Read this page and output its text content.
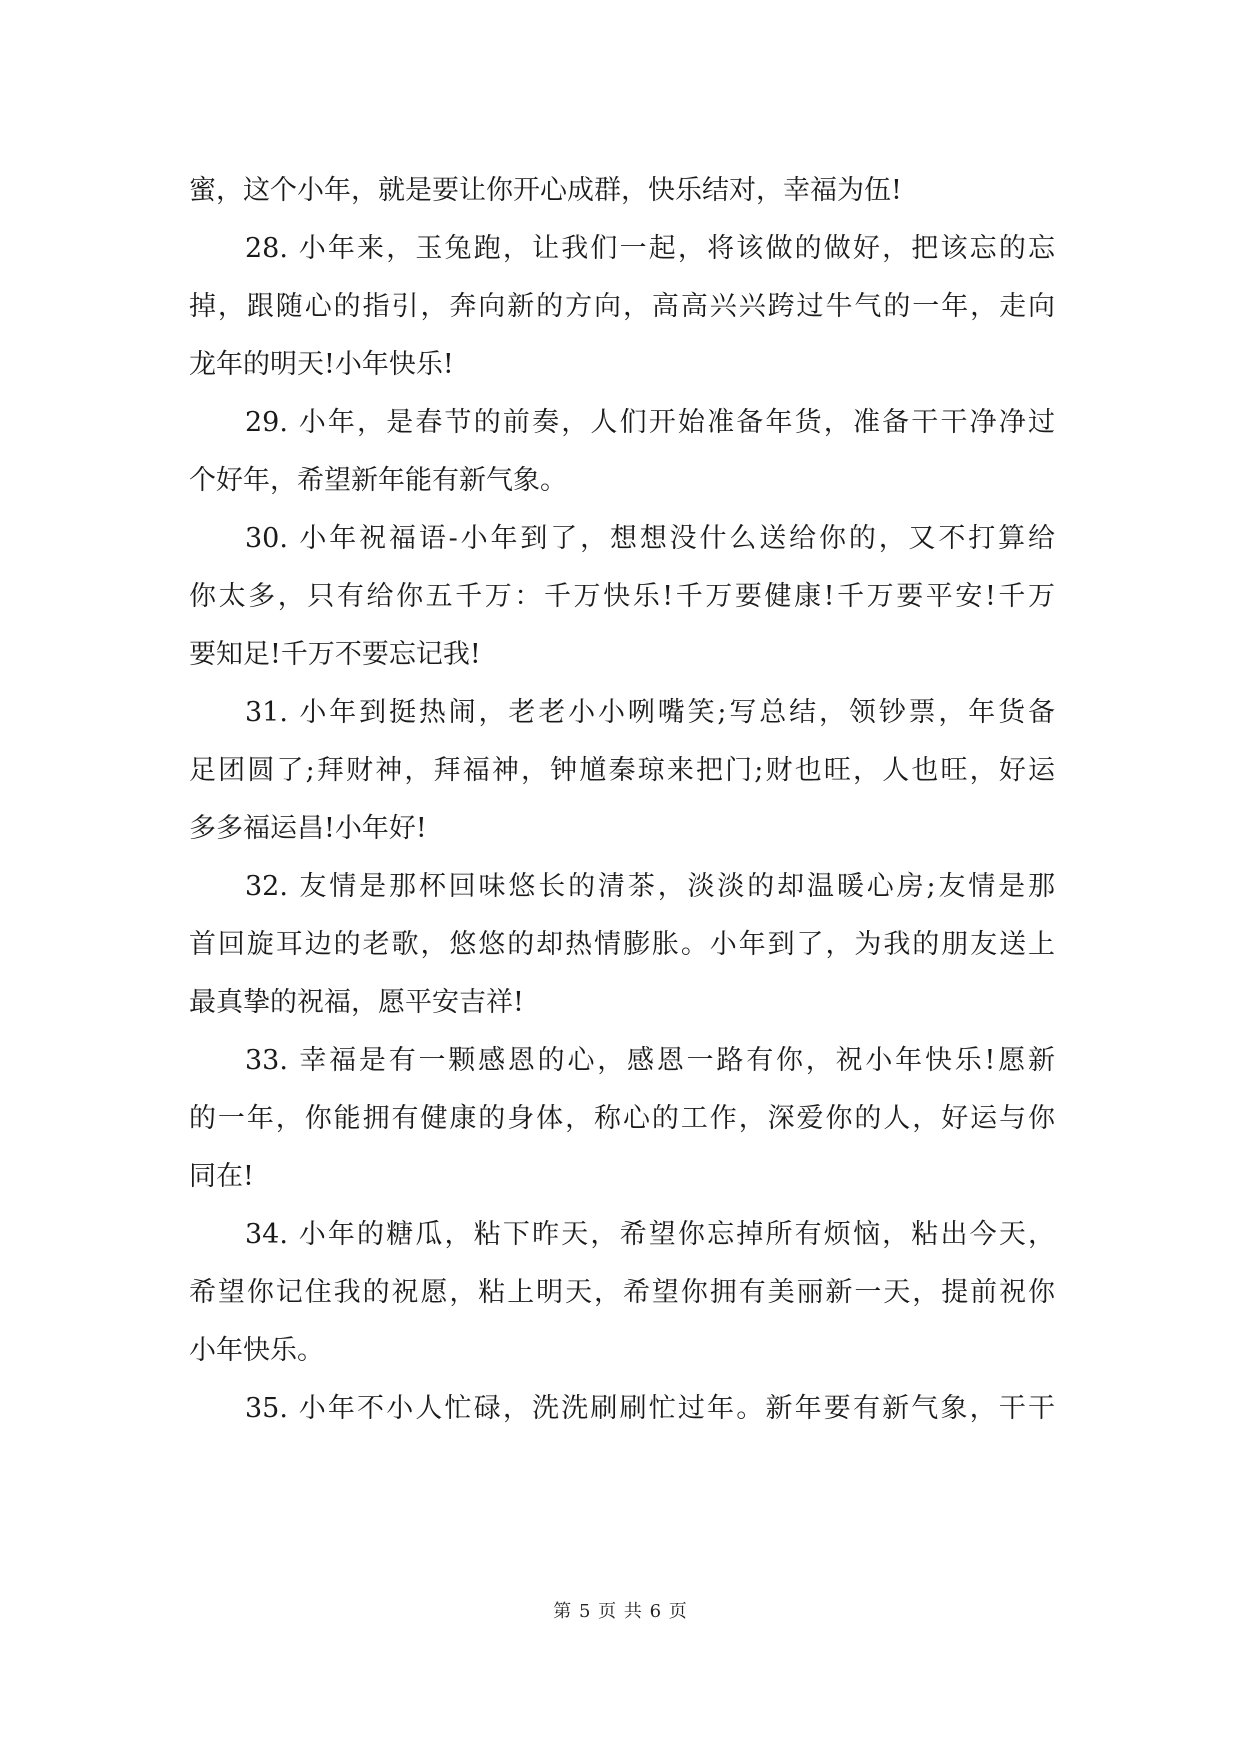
蜜，这个小年，就是要让你开心成群，快乐结对，幸福为伍!
28. 小年来，玉兔跑，让我们一起，将该做的做好，把该忘的忘
掉，跟随心的指引，奔向新的方向，高高兴兴跨过牛气的一年，走向
龙年的明天!小年快乐!
29. 小年，是春节的前奏，人们开始准备年货，准备干干净净过
个好年，希望新年能有新气象。
30. 小年祝福语-小年到了，想想没什么送给你的，又不打算给
你太多，只有给你五千万：千万快乐!千万要健康!千万要平安!千万
要知足!千万不要忘记我!
31. 小年到挺热闹，老老小小咧嘴笑;写总结，领钞票，年货备
足团圆了;拜财神，拜福神，钟馗秦琼来把门;财也旺，人也旺，好运
多多福运昌!小年好!
32. 友情是那杯回味悠长的清茶，淡淡的却温暖心房;友情是那
首回旋耳边的老歌，悠悠的却热情膨胀。小年到了，为我的朋友送上
最真挚的祝福，愿平安吉祥!
33. 幸福是有一颗感恩的心，感恩一路有你，祝小年快乐!愿新
的一年，你能拥有健康的身体，称心的工作，深爱你的人，好运与你
同在!
34. 小年的糖瓜，粘下昨天，希望你忘掉所有烦恼，粘出今天，
希望你记住我的祝愿，粘上明天，希望你拥有美丽新一天，提前祝你
小年快乐。
35. 小年不小人忙碌，洗洗刷刷忙过年。新年要有新气象，干干
第 5 页 共 6 页
